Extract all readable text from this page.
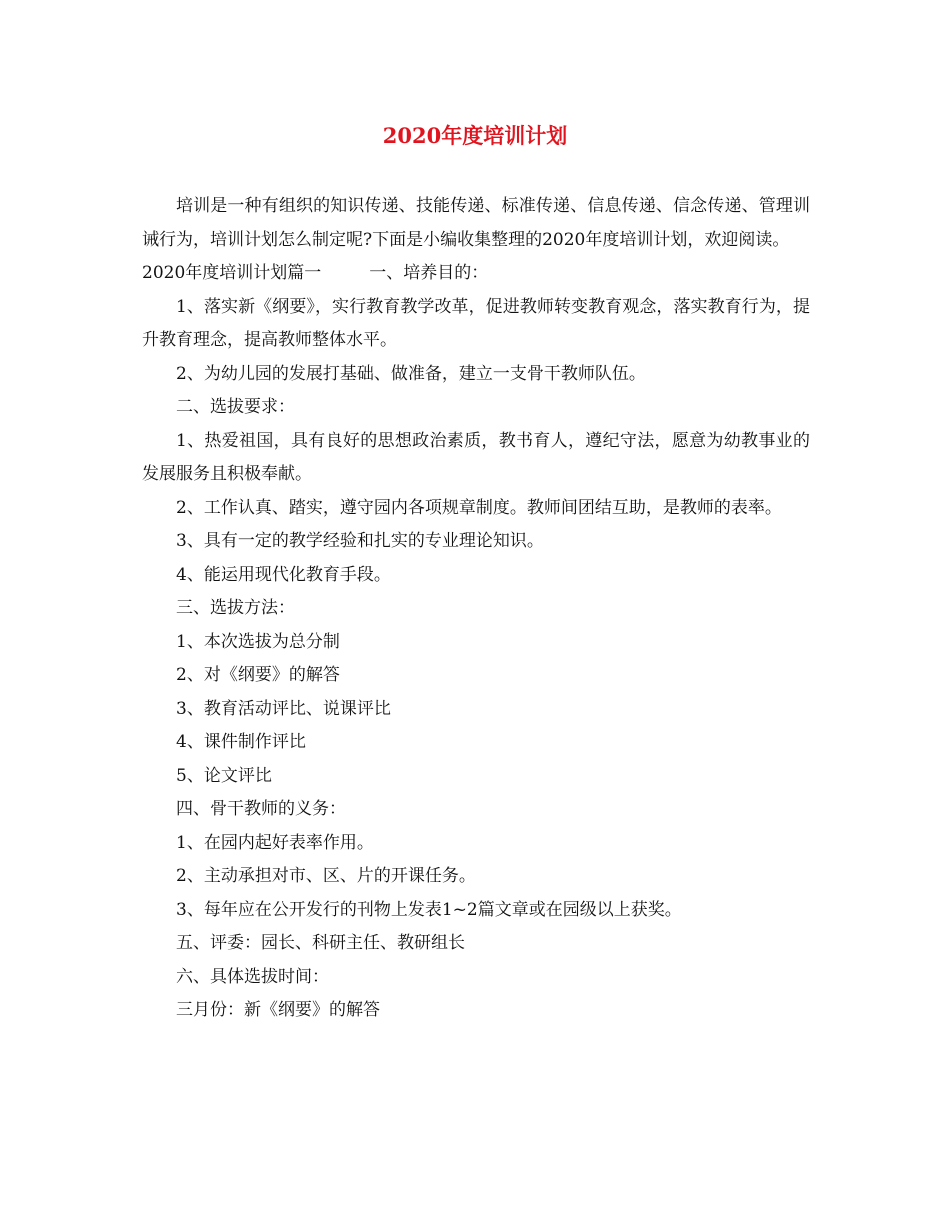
2020年度培训计划

培训是一种有组织的知识传递、技能传递、标准传递、信息传递、信念传递、管理训诫行为，培训计划怎么制定呢?下面是小编收集整理的2020年度培训计划，欢迎阅读。

2020年度培训计划篇一	一、培养目的：

1、落实新《纲要》，实行教育教学改革，促进教师转变教育观念，落实教育行为，提升教育理念，提高教师整体水平。

2、为幼儿园的发展打基础、做准备，建立一支骨干教师队伍。

二、选拔要求：

1、热爱祖国，具有良好的思想政治素质，教书育人，遵纪守法，愿意为幼教事业的发展服务且积极奉献。

2、工作认真、踏实，遵守园内各项规章制度。教师间团结互助，是教师的表率。

3、具有一定的教学经验和扎实的专业理论知识。

4、能运用现代化教育手段。

三、选拔方法：

1、本次选拔为总分制

2、对《纲要》的解答

3、教育活动评比、说课评比

4、课件制作评比

5、论文评比

四、骨干教师的义务：

1、在园内起好表率作用。

2、主动承担对市、区、片的开课任务。

3、每年应在公开发行的刊物上发表1~2篇文章或在园级以上获奖。

五、评委：园长、科研主任、教研组长

六、具体选拔时间：

三月份：新《纲要》的解答
